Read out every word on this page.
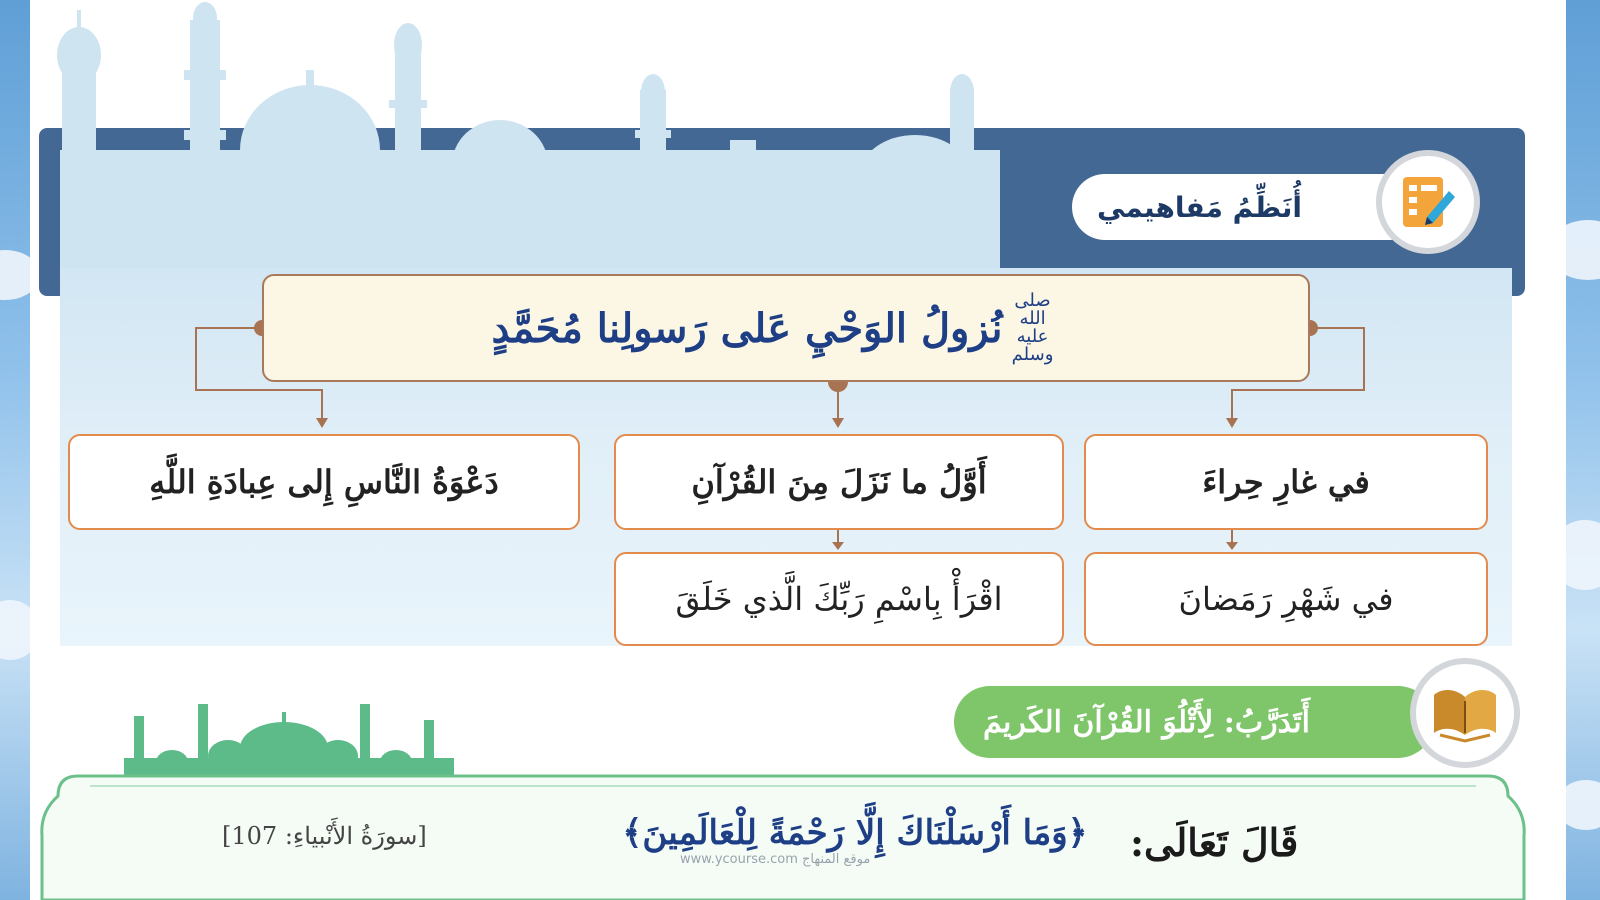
أُنَظِّمُ مَفاهيمي
نُزولُ الوَحْيِ عَلى رَسولِنا مُحَمَّدٍ
صلى الله عليه وسلم
في غارِ حِراءَ
في شَهْرِ رَمَضانَ
أَوَّلُ ما نَزَلَ مِنَ القُرْآنِ
اقْرَأْ بِاسْمِ رَبِّكَ الَّذي خَلَقَ
دَعْوَةُ النَّاسِ إِلى عِبادَةِ اللَّهِ
أَتَدَرَّبُ: لِأَتْلُوَ القُرْآنَ الكَريمَ
قَالَ تَعَالَى:
﴿وَمَا أَرْسَلْنَاكَ إِلَّا رَحْمَةً لِلْعَالَمِينَ﴾
[سورَةُ الأَنْبياءِ: 107]
www.ycourse.com موقع المنهاج
